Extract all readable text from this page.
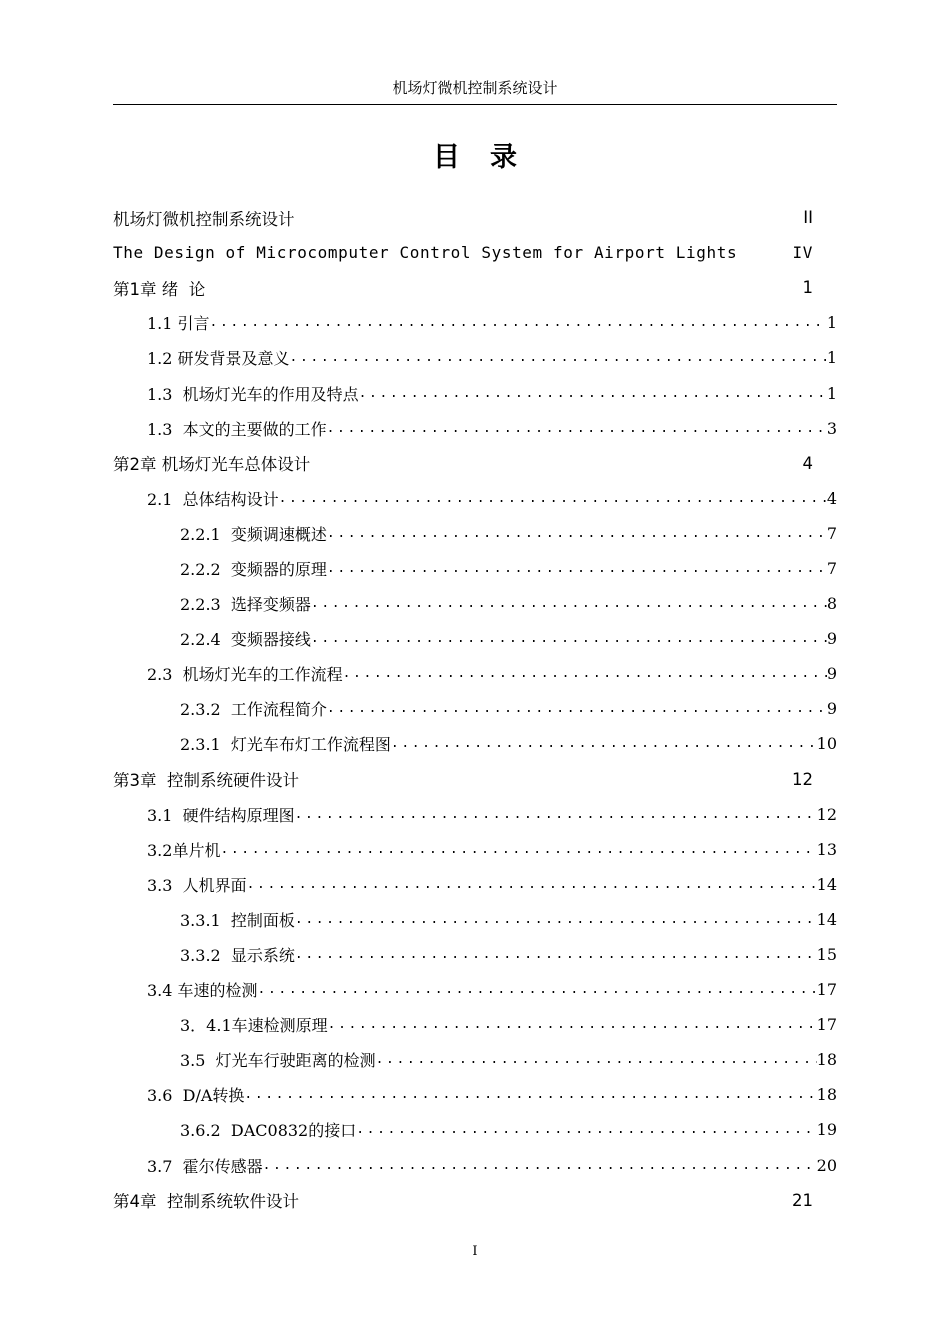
机场灯微机控制系统设计
目录
机场灯微机控制系统设计	II
The Design of Microcomputer Control System for Airport Lights	IV
第1章 绪  论	1
1.1 引言 .....	1
1.2 研发背景及意义 .....	1
1.3  机场灯光车的作用及特点 .....	1
1.3  本文的主要做的工作 .....	3
第2章 机场灯光车总体设计	4
2.1  总体结构设计 .....	4
2.2.1  变频调速概述 .....	7
2.2.2  变频器的原理 .....	7
2.2.3  选择变频器 .....	8
2.2.4  变频器接线 .....	9
2.3  机场灯光车的工作流程 .....	9
2.3.2  工作流程简介 .....	9
2.3.1  灯光车布灯工作流程图 .....	10
第3章  控制系统硬件设计	12
3.1  硬件结构原理图 .....	12
3.2单片机 .....	13
3.3  人机界面 .....	14
3.3.1  控制面板 .....	14
3.3.2  显示系统 .....	15
3.4 车速的检测 .....	17
3．4.1车速检测原理 .....	17
3.5  灯光车行驶距离的检测 .....	18
3.6  D/A转换 .....	18
3.6.2  DAC0832的接口 .....	19
3.7  霍尔传感器 .....	20
第4章  控制系统软件设计	21
I
